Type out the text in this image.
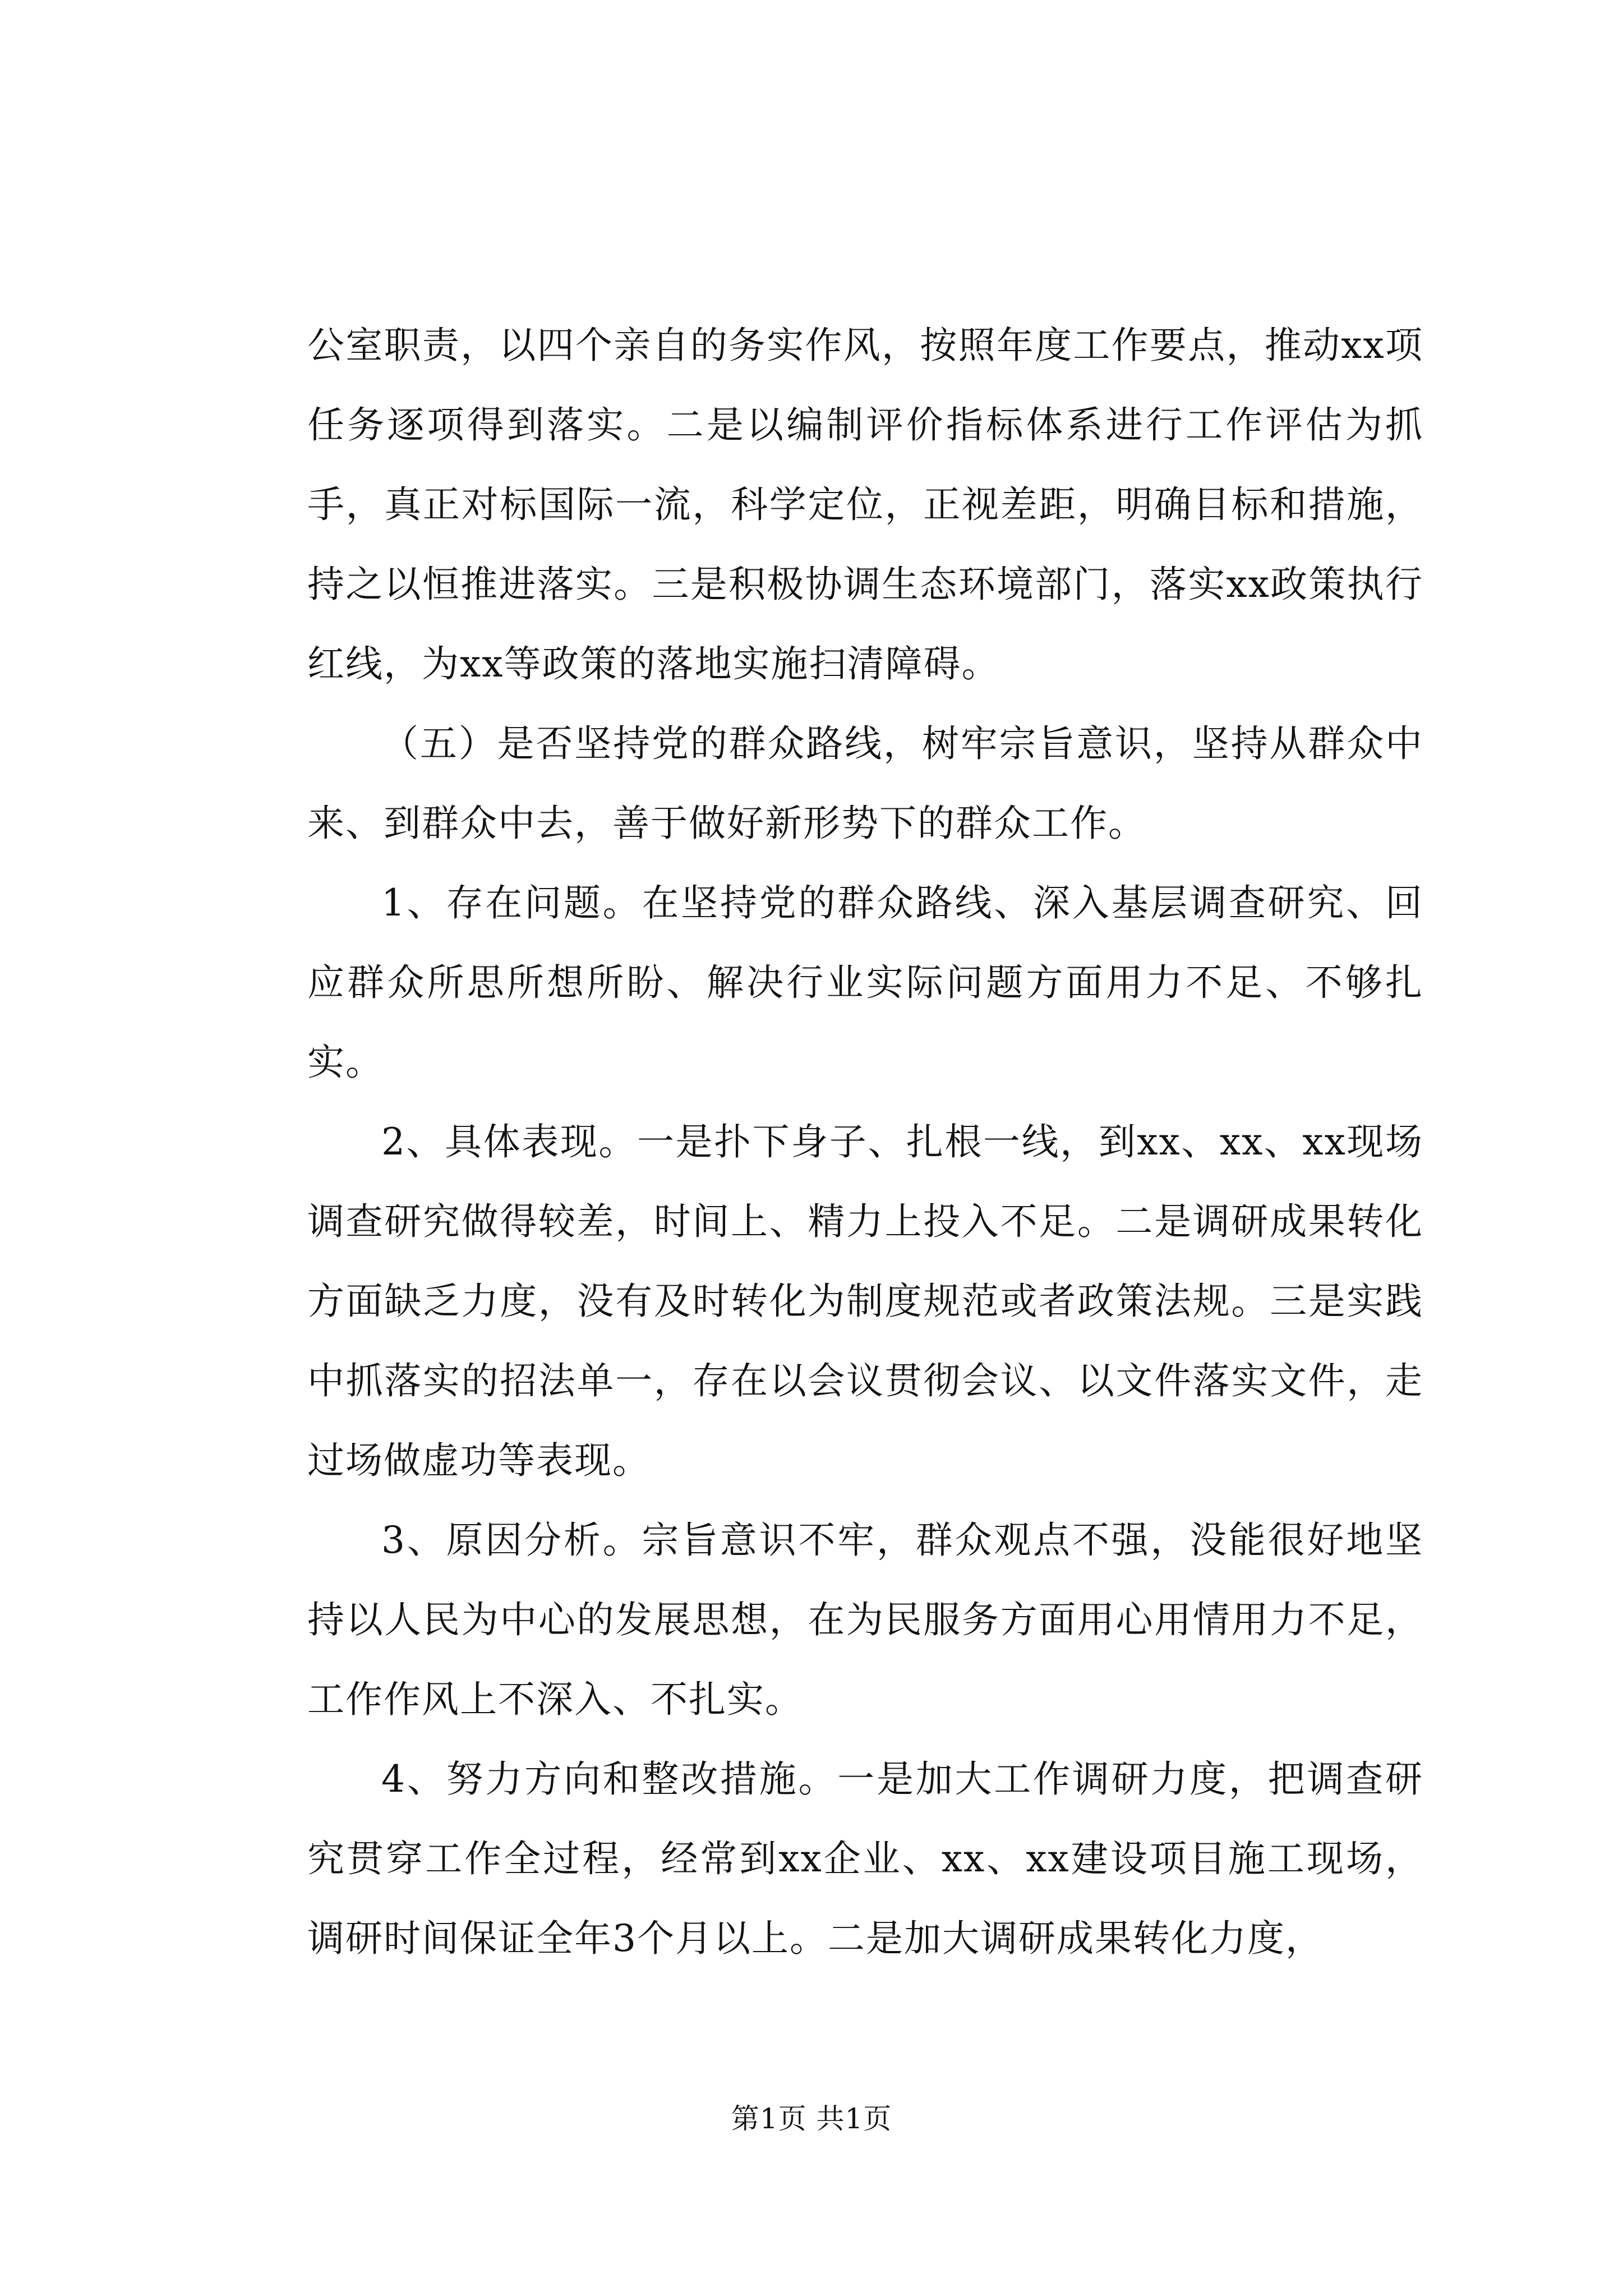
公室职责，以四个亲自的务实作风，按照年度工作要点，推动xx项任务逐项得到落实。二是以编制评价指标体系进行工作评估为抓手，真正对标国际一流，科学定位，正视差距，明确目标和措施，持之以恒推进落实。三是积极协调生态环境部门，落实xx政策执行红线，为xx等政策的落地实施扫清障碍。

（五）是否坚持党的群众路线，树牢宗旨意识，坚持从群众中来、到群众中去，善于做好新形势下的群众工作。

1、存在问题。在坚持党的群众路线、深入基层调查研究、回应群众所思所想所盼、解决行业实际问题方面用力不足、不够扎实。

2、具体表现。一是扑下身子、扎根一线，到xx、xx、xx现场调查研究做得较差，时间上、精力上投入不足。二是调研成果转化方面缺乏力度，没有及时转化为制度规范或者政策法规。三是实践中抓落实的招法单一，存在以会议贯彻会议、以文件落实文件，走过场做虚功等表现。

3、原因分析。宗旨意识不牢，群众观点不强，没能很好地坚持以人民为中心的发展思想，在为民服务方面用心用情用力不足，工作作风上不深入、不扎实。

4、努力方向和整改措施。一是加大工作调研力度，把调查研究贯穿工作全过程，经常到xx企业、xx、xx建设项目施工现场，调研时间保证全年3个月以上。二是加大调研成果转化力度，

第1页 共1页
